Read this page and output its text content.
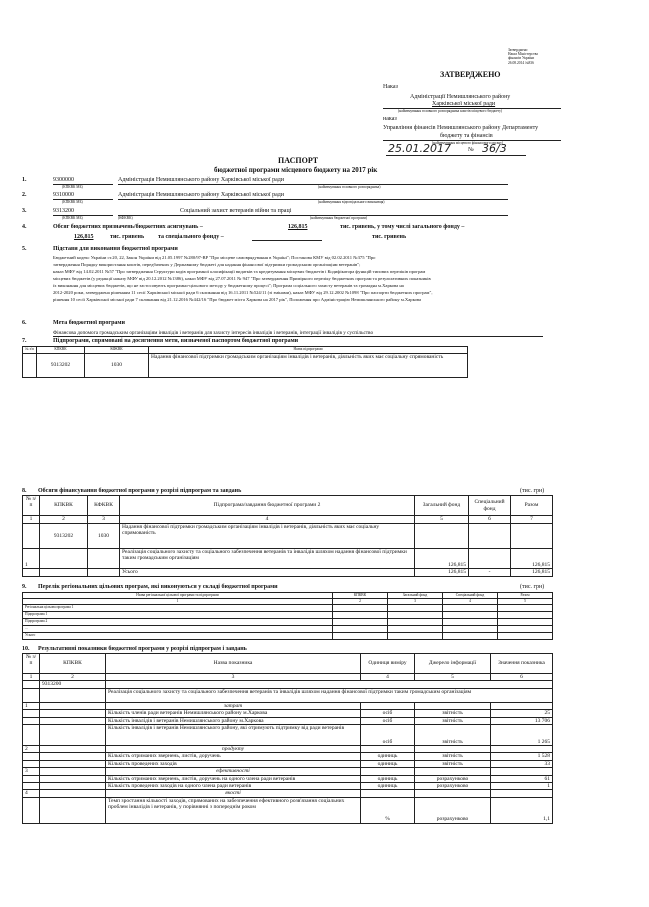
Затверджено
Наказ Міністерства
фінансів України
26.08.2014 №836
ЗАТВЕРДЖЕНО
Наказ
Адміністрації Немишлянського району
Харківської міської ради
(найменування головного розпорядника коштів місцевого бюджету)
наказ
Управління фінансів Немишлянського району Департаменту
бюджету та фінансів
(найменування місцевого фінансового органу)
25.01.2017	№ 36/3
ПАСПОРТ
бюджетної програми місцевого бюджету на 2017 рік
1.	9300000
(КПКВК МБ)
Адміністрація Немишлянського району Харківської міської ради
(найменування головного розпорядника)
2.	9310000
(КПКВК МБ)
Адміністрація Немишлянського району Харківської міської ради
(найменування відповідального виконавця)
3.	9313200
(КПКВК МБ)	(КФКВК)
Соціальний захист ветеранів війни та праці
(найменування бюджетної програми)
4.	Обсяг бюджетних призначень/бюджетних асигнувань –	126,815	тис. гривень, у тому числі загального фонду –
126,815	тис. гривень та спеціального фонду –	тис. гривень
5.	Підстави для виконання бюджетної програми
Бюджетний кодекс України ст.20, 22, Закон України від 21.05.1997 №280/97-ВР "Про місцеве самоврядування в Україні"; Постанова КМУ від 02.02.2011 №375 "Про
затвердження Порядку використання коштів, передбачених у Державному бюджеті для надання фінансової підтримки громадським організаціям ветеранів";
наказ МФУ від 14.02.2011 №57 "Про затвердження Структури кодів програмної класифікації видатків та кредитування місцевих бюджетів і Кодифікатора функцій типових переліків програм
місцевих бюджетів (у редакції наказу МФУ від 20.12.2012 №1386), наказ МФУ від 27.07.2011 № 947 "Про затвердження Примірного переліку бюджетних програм та результативних показників
їх виконання для місцевих бюджетів, що не застосовують програмно-цільового методу у бюджетному процесі"; Програма соціального захисту ветеранів та громадян м.Харкова на
2012-2020 роки, затверджена рішенням 11 сесії Харківської міської ради 6 скликання від 16.11.2011 №524/11 (зі змінами), наказ МФУ від 29.12.2002 №1098 "Про паспорти бюджетних програм",
рішення 10 сесії Харківської міської ради 7 скликання від 21.12.2016 №442/16 "Про бюджет міста Харкова на 2017 рік", Положення про Адміністрацію Немишлянського району м.Харкова
6.	Мета бюджетної програми
Фінансова допомога громадським організаціям інвалідів і ветеранів для захисту інтересів інвалідів і ветеранів, інтеграції інвалідів у суспільство
7.	Підпрограми, спрямовані на досягнення мети, визначеної паспортом бюджетної програми
№ з/п	КПКВК	КФКВК	Назва підпрограми
	9313202	1030	Надання фінансової підтримки громадським організаціям інвалідів і ветеранів, діяльність яких має соціальну спрямованість
8. Обсяги фінансування бюджетної програми у розрізі підпрограм та завдань	(тис. грн)
№ з/п	КПКВК	КФКВК	Підпрограма/завдання бюджетної програми 2	Загальний фонд	Спеціальний фонд	Разом
1	2	3	4	5	6	7
	9313202	1030	Надання фінансової підтримки громадським організаціям інвалідів і ветеранів, діяльність яких має соціальну спрямованість			
1			Реалізація соціального захисту та соціального забезпечення ветеранів та інвалідів шляхом надання фінансової підтримки таким громадським організаціям	126,815		126,815
			Усього	126,815	-	126,815
9. Перелік регіональних цільових програм, які виконуються у складі бюджетної програми	(тис. грн)
Назва регіональної цільової програми та підпрограми	КПКВК	Загальний фонд	Спеціальний фонд	Разом
1	2	3	4	5
Регіональна цільова програма 1				
Підпрограма 1				
Підпрограма 2				
...				
Усього				
10. Результативні показники бюджетної програми у розрізі підпрограм і завдань
№ з/п	КПКВК	Назва показника	Одиниця виміру	Джерело інформації	Значення показника
1	2	3	4	5	6
	9313200				
		Реалізація соціального захисту та соціального забезпечення ветеранів та інвалідів шляхом надання фінансової підтримки таким громадським організаціям			
1		затрат			
		Кількість членів ради ветеранів Немишлянського району м.Харкова	осіб	звітність	25
		Кількість інвалідів і ветеранів Немишлянського району м.Харкова	осіб	звітність	13 706
		Кількість інвалідів і ветеранів Немишлянського району, які отримують підтримку від ради ветеранів	осіб	звітність	1 265
2		продукту			
		Кількість отриманих звернень, листів, доручень	одиниць	звітність	1 528
		Кількість проведених заходів	одиниць	звітність	33
3		ефективності			
		Кількість отриманих звернень, листів, доручень на одного члена ради ветеранів	одиниць	розрахунково	61
		Кількість проведених заходів на одного члена ради ветеранів	одиниць	розрахунково	1
4		якості			
		Темп зростання кількості заходів, спрямованих на забезпечення ефективного розв'язання соціальних проблем інвалідів і ветеранів, у порівнянні з попереднім роком	%	розрахунково	1,1
